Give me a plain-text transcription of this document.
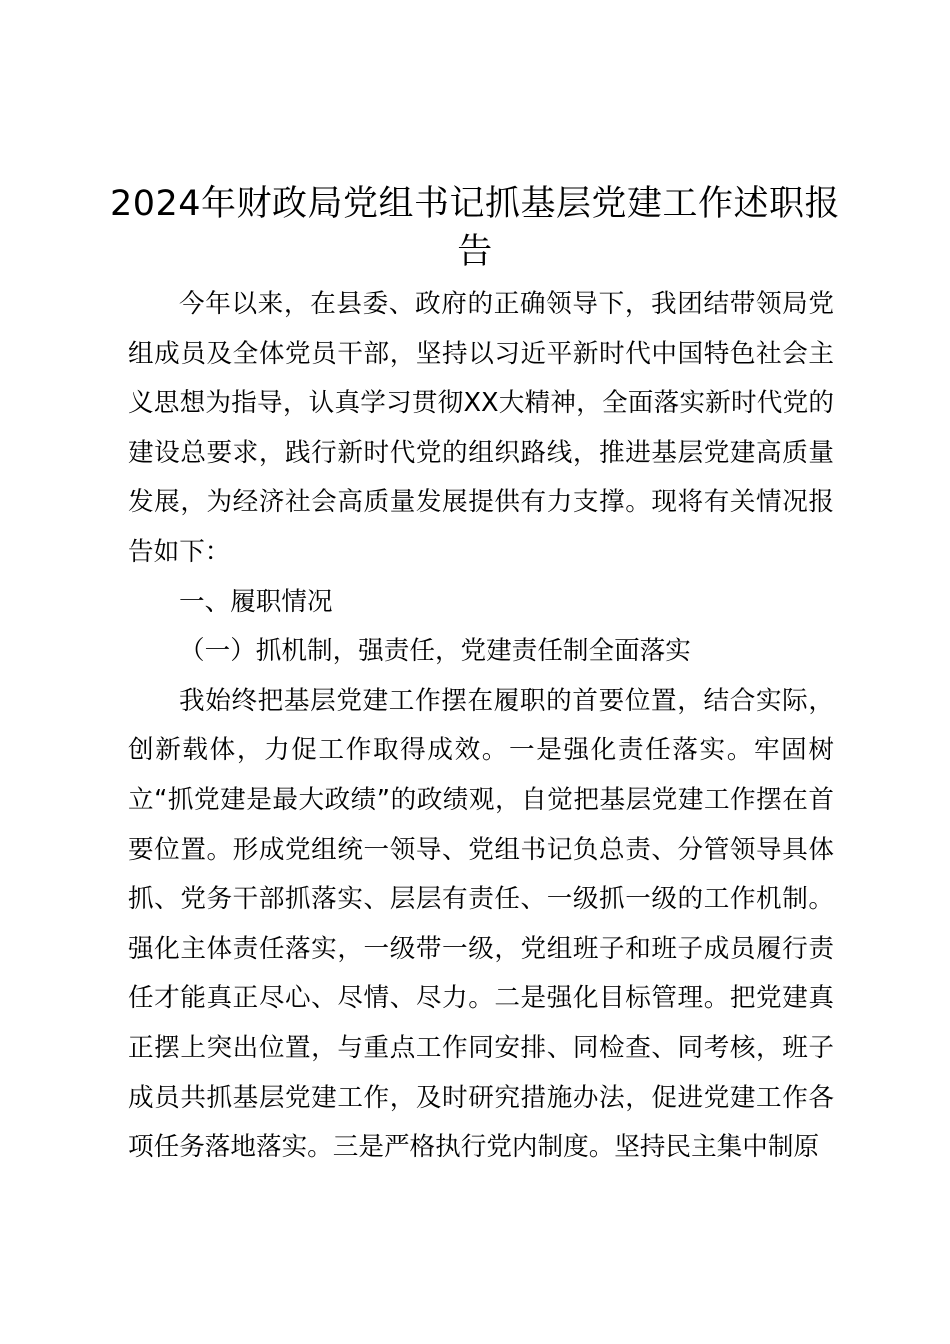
2024年财政局党组书记抓基层党建工作述职报告

今年以来，在县委、政府的正确领导下，我团结带领局党组成员及全体党员干部，坚持以习近平新时代中国特色社会主义思想为指导，认真学习贯彻XX大精神，全面落实新时代党的建设总要求，践行新时代党的组织路线，推进基层党建高质量发展，为经济社会高质量发展提供有力支撑。现将有关情况报告如下：

一、履职情况

（一）抓机制，强责任，党建责任制全面落实

我始终把基层党建工作摆在履职的首要位置，结合实际，创新载体，力促工作取得成效。一是强化责任落实。牢固树立“抓党建是最大政绩”的政绩观，自觉把基层党建工作摆在首要位置。形成党组统一领导、党组书记负总责、分管领导具体抓、党务干部抓落实、层层有责任、一级抓一级的工作机制。强化主体责任落实，一级带一级，党组班子和班子成员履行责任才能真正尽心、尽情、尽力。二是强化目标管理。把党建真正摆上突出位置，与重点工作同安排、同检查、同考核，班子成员共抓基层党建工作，及时研究措施办法，促进党建工作各项任务落地落实。三是严格执行党内制度。坚持民主集中制原
